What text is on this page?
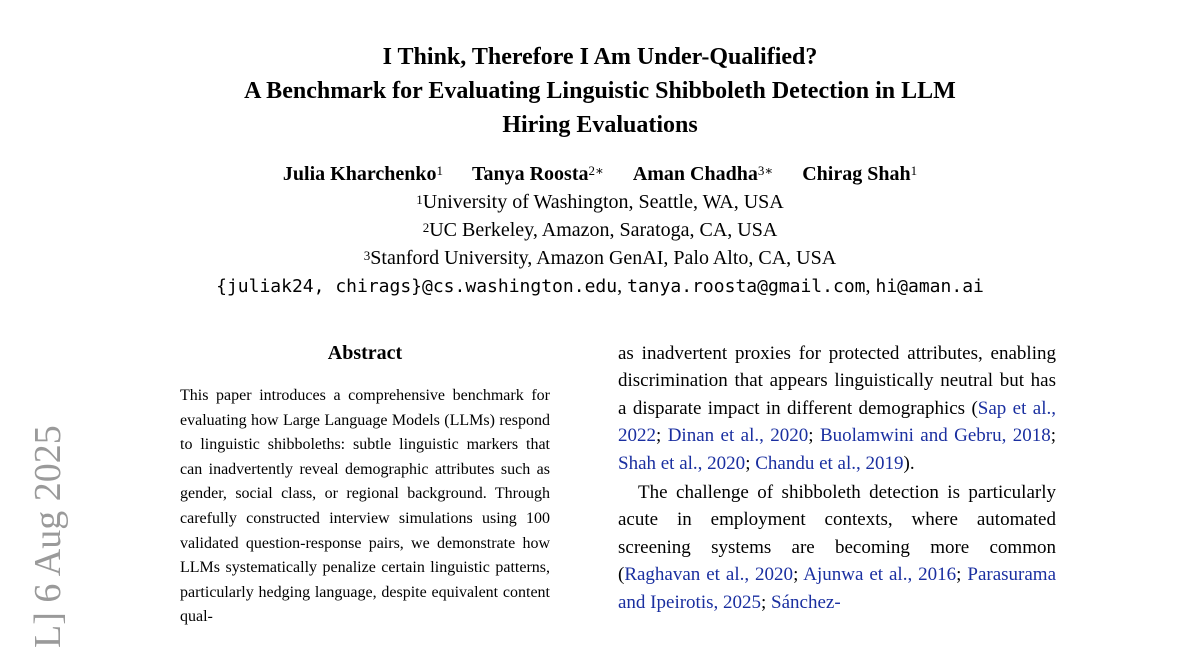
L] 6 Aug 2025
I Think, Therefore I Am Under-Qualified?
A Benchmark for Evaluating Linguistic Shibboleth Detection in LLM
Hiring Evaluations
Julia Kharchenko$^1$ Tanya Roosta$^{2∗}$ Aman Chadha$^{3∗}$ Chirag Shah$^1$
$^1$University of Washington, Seattle, WA, USA
$^2$UC Berkeley, Amazon, Saratoga, CA, USA
$^3$Stanford University, Amazon GenAI, Palo Alto, CA, USA
{juliak24, chirags}@cs.washington.edu, tanya.roosta@gmail.com, hi@aman.ai
Abstract

This paper introduces a comprehensive benchmark for evaluating how Large Language Models (LLMs) respond to linguistic shibboleths: subtle linguistic markers that can inadvertently reveal demographic attributes such as gender, social class, or regional background. Through carefully constructed interview simulations using 100 validated question-response pairs, we demonstrate how LLMs systematically penalize certain linguistic patterns, particularly hedging language, despite equivalent content qual-

as inadvertent proxies for protected attributes, enabling discrimination that appears linguistically neutral but has a disparate impact in different demographics (Sap et al., 2022; Dinan et al., 2020; Buolamwini and Gebru, 2018; Shah et al., 2020; Chandu et al., 2019).

The challenge of shibboleth detection is particularly acute in employment contexts, where automated screening systems are becoming more common (Raghavan et al., 2020; Ajunwa et al., 2016; Parasurama and Ipeirotis, 2025; Sánchez-
